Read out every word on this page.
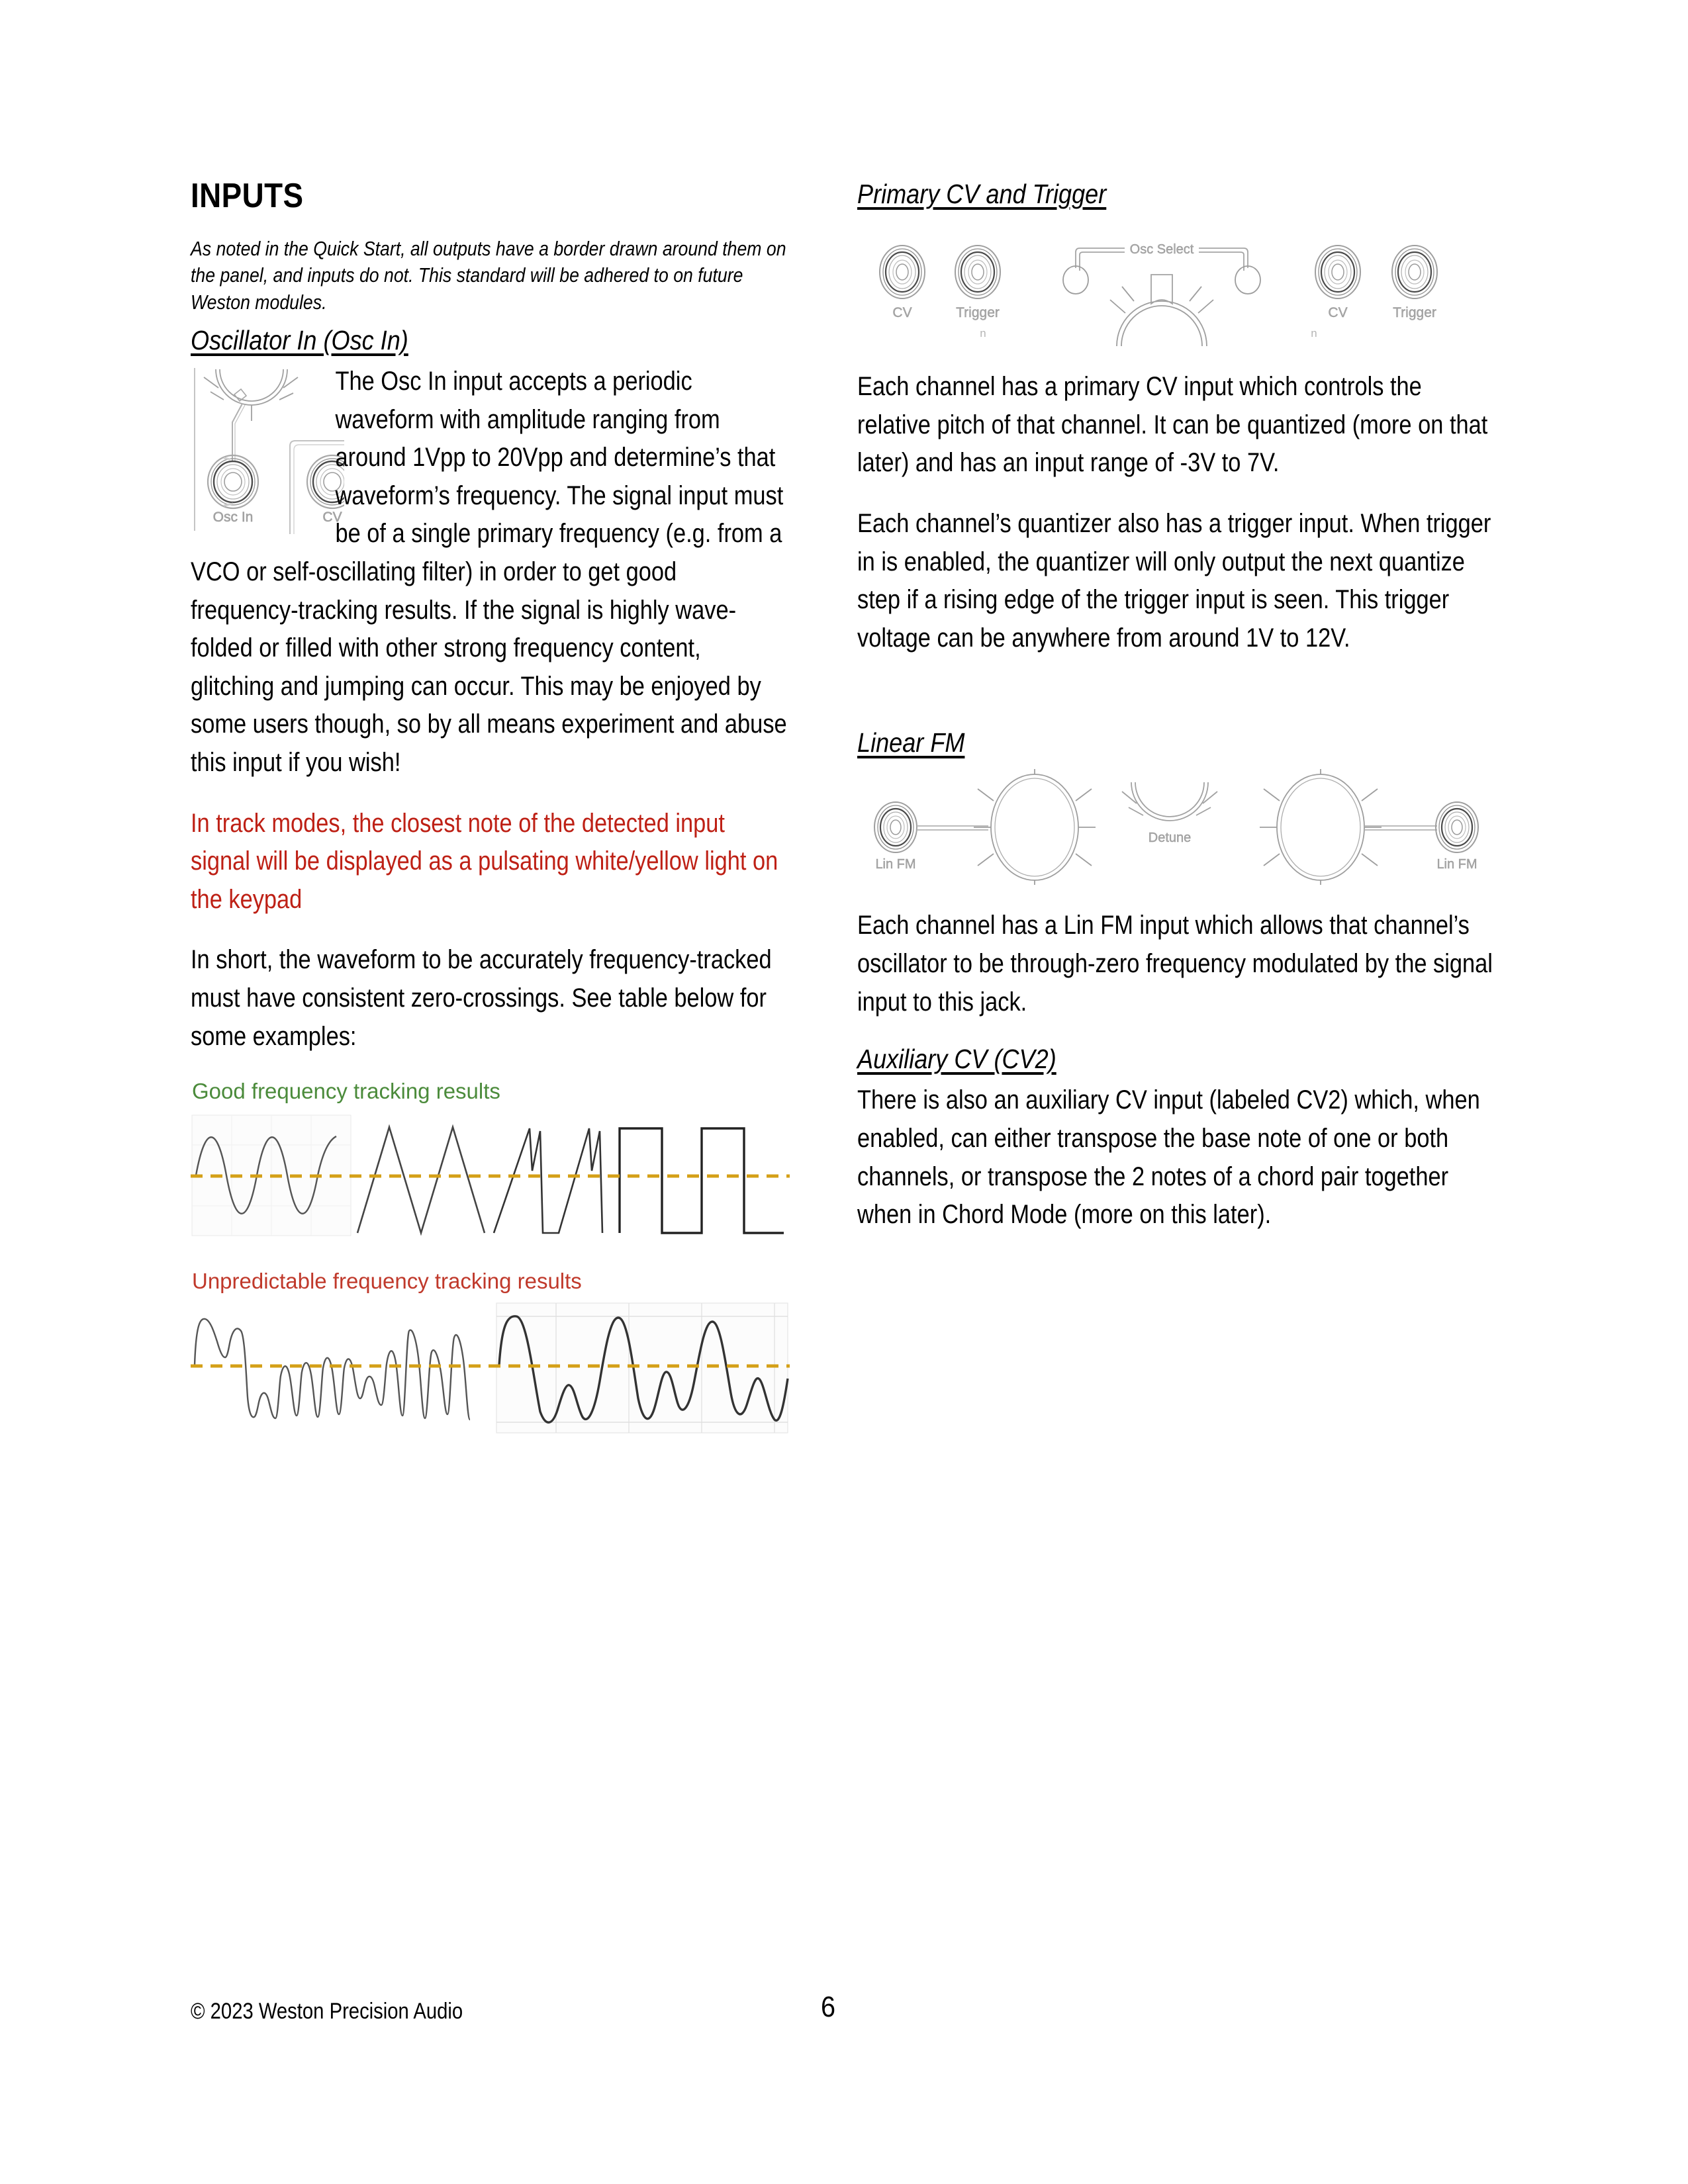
INPUTS

As noted in the Quick Start, all outputs have a border drawn around them on the panel, and inputs do not. This standard will be adhered to on future Weston modules.

Oscillator In (Osc In)
Osc In	CV

The Osc In input accepts a periodic waveform with amplitude ranging from around 1Vpp to 20Vpp and determine’s that waveform’s frequency. The signal input must be of a single primary frequency (e.g. from a VCO or self-oscillating filter) in order to get good frequency-tracking results. If the signal is highly wave-folded or filled with other strong frequency content, glitching and jumping can occur. This may be enjoyed by some users though, so by all means experiment and abuse this input if you wish!

In track modes, the closest note of the detected input signal will be displayed as a pulsating white/yellow light on the keypad

In short, the waveform to be accurately frequency-tracked must have consistent zero-crossings. See table below for some examples:

Good frequency tracking results
Unpredictable frequency tracking results
Primary CV and Trigger
CV	Trigger
n
Osc Select
CV
n
Trigger

Each channel has a primary CV input which controls the relative pitch of that channel. It can be quantized (more on that later) and has an input range of -3V to 7V.

Each channel’s quantizer also has a trigger input. When trigger in is enabled, the quantizer will only output the next quantize step if a rising edge of the trigger input is seen. This trigger voltage can be anywhere from around 1V to 12V.

Linear FM
Lin FM
Detune
Lin FM

Each channel has a Lin FM input which allows that channel’s oscillator to be through-zero frequency modulated by the signal input to this jack.

Auxiliary CV (CV2)

There is also an auxiliary CV input (labeled CV2) which, when enabled, can either transpose the base note of one or both channels, or transpose the 2 notes of a chord pair together when in Chord Mode (more on this later).

© 2023 Weston Precision Audio	6
